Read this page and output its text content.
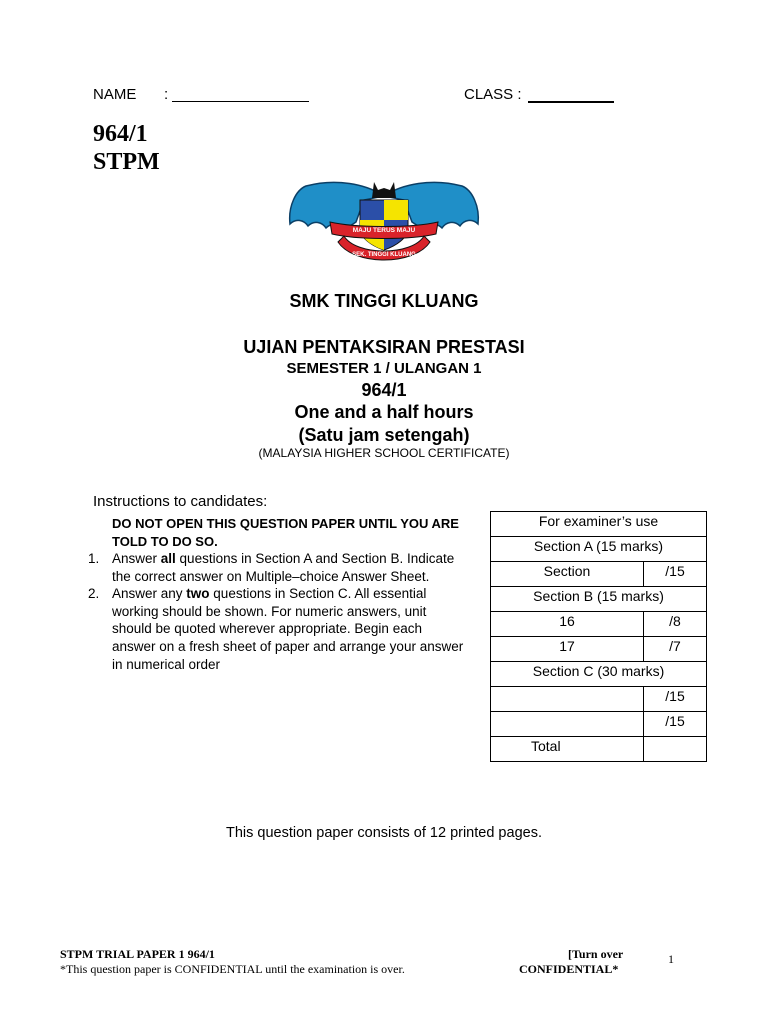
NAME :	CLASS :
964/1
STPM
MAJU TERUS MAJU
SEK. TINGGI KLUANG
SMK TINGGI KLUANG
UJIAN PENTAKSIRAN PRESTASI
SEMESTER 1 / ULANGAN 1
964/1
One and a half hours
(Satu jam setengah)
(MALAYSIA HIGHER SCHOOL CERTIFICATE)
Instructions to candidates:
DO NOT OPEN THIS QUESTION PAPER UNTIL YOU ARE TOLD TO DO SO.
1. Answer all questions in Section A and Section B. Indicate the correct answer on Multiple–choice Answer Sheet.
2. Answer any two questions in Section C. All essential working should be shown. For numeric answers, unit should be quoted wherever appropriate. Begin each answer on a fresh sheet of paper and arrange your answer in numerical order
For examiner’s use	
Section A (15 marks)	
Section	/15
Section B (15 marks)	
16	/8
17	/7
Section C (30 marks)	
	/15
	/15
Total	
This question paper consists of 12 printed pages.
STPM TRIAL PAPER 1 964/1
*This question paper is CONFIDENTIAL until the examination is over.
[Turn over
CONFIDENTIAL*
1
